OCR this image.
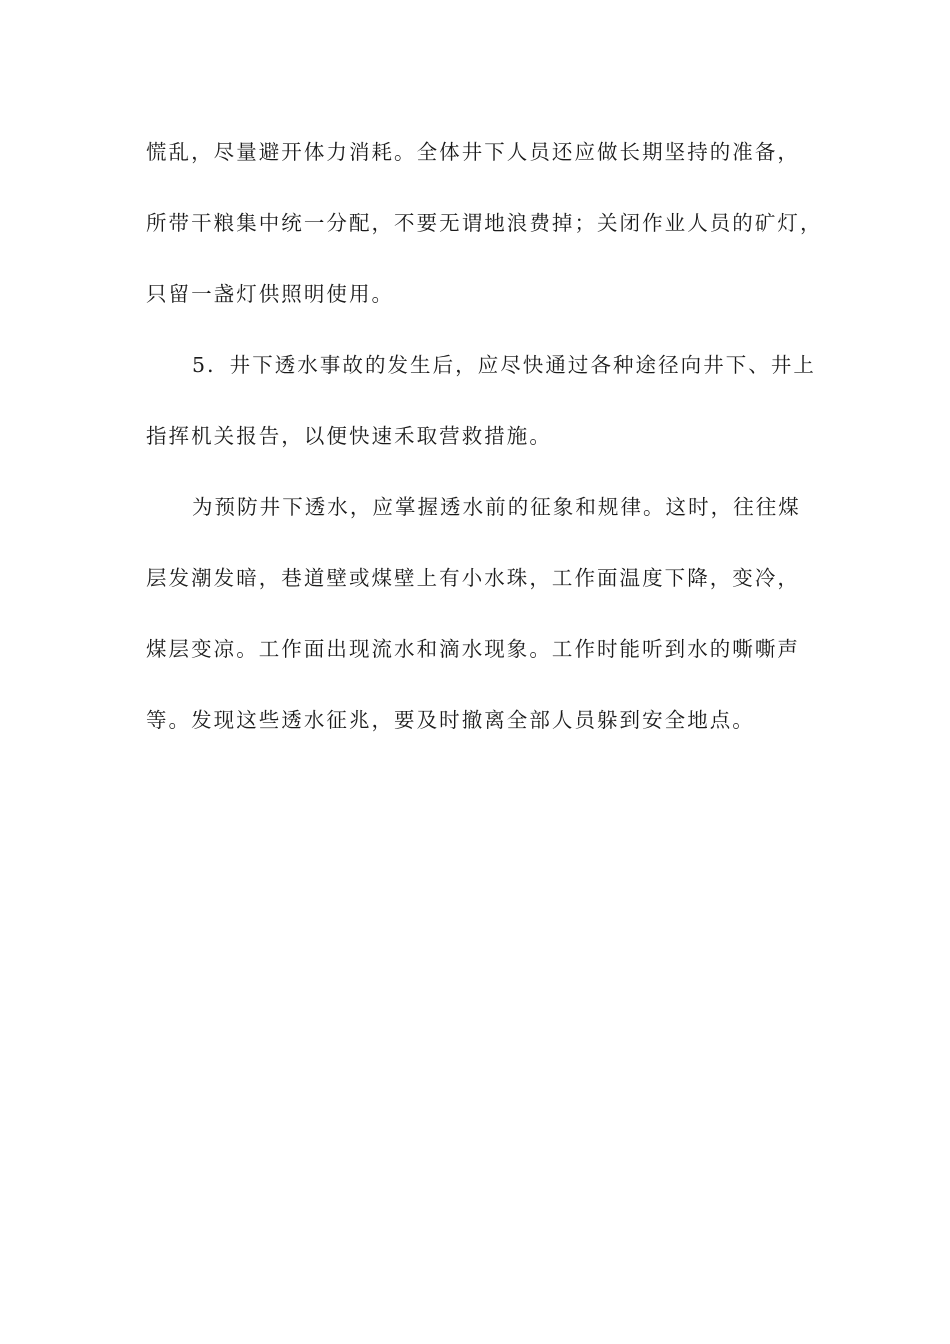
慌乱，尽量避开体力消耗。全体井下人员还应做长期坚持的准备，
所带干粮集中统一分配，不要无谓地浪费掉；关闭作业人员的矿灯，
只留一盏灯供照明使用。
5．井下透水事故的发生后，应尽快通过各种途径向井下、井上
指挥机关报告，以便快速禾取营救措施。
为预防井下透水，应掌握透水前的征象和规律。这时，往往煤
层发潮发暗，巷道壁或煤壁上有小水珠，工作面温度下降，变冷，
煤层变凉。工作面出现流水和滴水现象。工作时能听到水的嘶嘶声
等。发现这些透水征兆，要及时撤离全部人员躲到安全地点。
